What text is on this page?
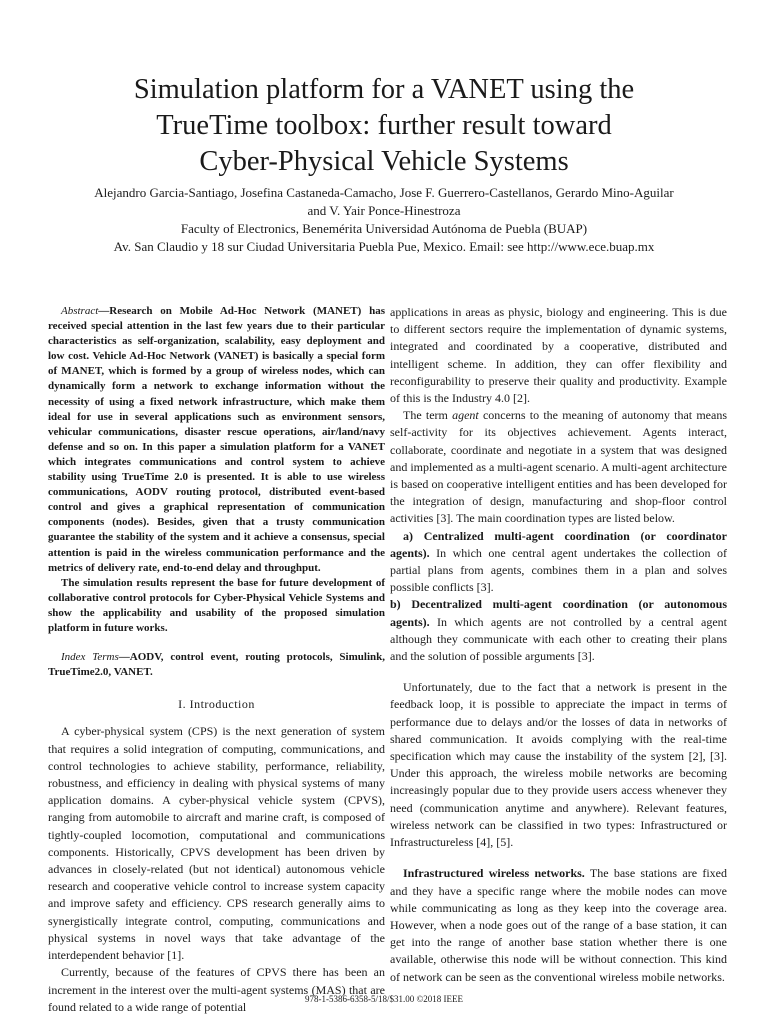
Simulation platform for a VANET using the
TrueTime toolbox: further result toward
Cyber-Physical Vehicle Systems
Alejandro Garcia-Santiago, Josefina Castaneda-Camacho, Jose F. Guerrero-Castellanos, Gerardo Mino-Aguilar
and V. Yair Ponce-Hinestroza
Faculty of Electronics, Benemérita Universidad Autónoma de Puebla (BUAP)
Av. San Claudio y 18 sur Ciudad Universitaria Puebla Pue, Mexico. Email: see http://www.ece.buap.mx

Abstract—Research on Mobile Ad-Hoc Network (MANET) has received special attention in the last few years due to their particular characteristics as self-organization, scalability, easy deployment and low cost. Vehicle Ad-Hoc Network (VANET) is basically a special form of MANET, which is formed by a group of wireless nodes, which can dynamically form a network to exchange information without the necessity of using a fixed network infrastructure, which make them ideal for use in several applications such as environment sensors, vehicular communications, disaster rescue operations, air/land/navy defense and so on. In this paper a simulation platform for a VANET which integrates communications and control system to achieve stability using TrueTime 2.0 is presented. It is able to use wireless communications, AODV routing protocol, distributed event-based control and gives a graphical representation of communication components (nodes). Besides, given that a trusty communication guarantee the stability of the system and it achieve a consensus, special attention is paid in the wireless communication performance and the metrics of delivery rate, end-to-end delay and throughput.

The simulation results represent the base for future development of collaborative control protocols for Cyber-Physical Vehicle Systems and show the applicability and usability of the proposed simulation platform in future works.

Index Terms—AODV, control event, routing protocols, Simulink, TrueTime2.0, VANET.

I. Introduction

A cyber-physical system (CPS) is the next generation of system that requires a solid integration of computing, communications, and control technologies to achieve stability, performance, reliability, robustness, and efficiency in dealing with physical systems of many application domains. A cyber-physical vehicle system (CPVS), ranging from automobile to aircraft and marine craft, is composed of tightly-coupled locomotion, computational and communications components. Historically, CPVS development has been driven by advances in closely-related (but not identical) autonomous vehicle research and cooperative vehicle control to increase system capacity and improve safety and efficiency. CPS research generally aims to synergistically integrate control, computing, communications and physical systems in novel ways that take advantage of the interdependent behavior [1].

Currently, because of the features of CPVS there has been an increment in the interest over the multi-agent systems (MAS) that are found related to a wide range of potential

applications in areas as physic, biology and engineering. This is due to different sectors require the implementation of dynamic systems, integrated and coordinated by a cooperative, distributed and intelligent scheme. In addition, they can offer flexibility and reconfigurability to preserve their quality and productivity. Example of this is the Industry 4.0 [2].

The term agent concerns to the meaning of autonomy that means self-activity for its objectives achievement. Agents interact, collaborate, coordinate and negotiate in a system that was designed and implemented as a multi-agent scenario. A multi-agent architecture is based on cooperative intelligent entities and has been developed for the integration of design, manufacturing and shop-floor control activities [3]. The main coordination types are listed below.

a) Centralized multi-agent coordination (or coordinator agents). In which one central agent undertakes the collection of partial plans from agents, combines them in a plan and solves possible conflicts [3].

b) Decentralized multi-agent coordination (or autonomous agents). In which agents are not controlled by a central agent although they communicate with each other to creating their plans and the solution of possible arguments [3].

Unfortunately, due to the fact that a network is present in the feedback loop, it is possible to appreciate the impact in terms of performance due to delays and/or the losses of data in networks of shared communication. It avoids complying with the real-time specification which may cause the instability of the system [2], [3]. Under this approach, the wireless mobile networks are becoming increasingly popular due to they provide users access whenever they need (communication anytime and anywhere). Relevant features, wireless network can be classified in two types: Infrastructured or Infrastructureless [4], [5].

Infrastructured wireless networks. The base stations are fixed and they have a specific range where the mobile nodes can move while communicating as long as they keep into the coverage area. However, when a node goes out of the range of a base station, it can get into the range of another base station whether there is one available, otherwise this node will be without connection. This kind of network can be seen as the conventional wireless mobile networks.

978-1-5386-6358-5/18/$31.00 ©2018 IEEE
